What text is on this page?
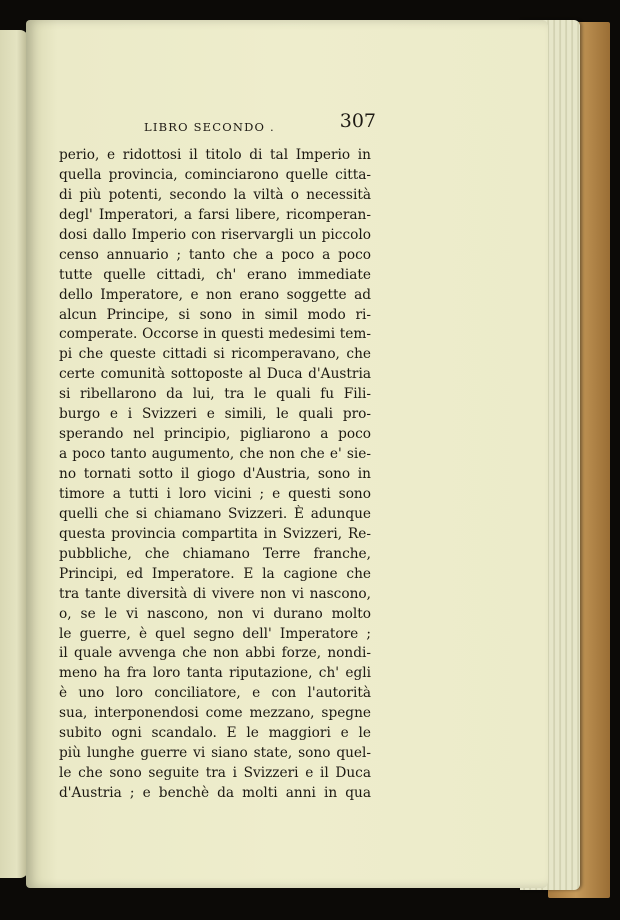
LIBRO SECONDO .	307
perio, e ridottosi il titolo di tal Imperio in
quella provincia, cominciarono quelle citta-
di più potenti, secondo la viltà o necessità
degl' Imperatori, a farsi libere, ricomperan-
dosi dallo Imperio con riservargli un piccolo
censo annuario ; tanto che a poco a poco
tutte quelle cittadi, ch' erano immediate
dello Imperatore, e non erano soggette ad
alcun Principe, si sono in simil modo ri-
comperate. Occorse in questi medesimi tem-
pi che queste cittadi si ricomperavano, che
certe comunità sottoposte al Duca d'Austria
si ribellarono da lui, tra le quali fu Fili-
burgo e i Svizzeri e simili, le quali pro-
sperando nel principio, pigliarono a poco
a poco tanto augumento, che non che e' sie-
no tornati sotto il giogo d'Austria, sono in
timore a tutti i loro vicini ; e questi sono
quelli che si chiamano Svizzeri. È adunque
questa provincia compartita in Svizzeri, Re-
pubbliche, che chiamano Terre franche,
Principi, ed Imperatore. E la cagione che
tra tante diversità di vivere non vi nascono,
o, se le vi nascono, non vi durano molto
le guerre, è quel segno dell' Imperatore ;
il quale avvenga che non abbi forze, nondi-
meno ha fra loro tanta riputazione, ch' egli
è uno loro conciliatore, e con l'autorità
sua, interponendosi come mezzano, spegne
subito ogni scandalo. E le maggiori e le
più lunghe guerre vi siano state, sono quel-
le che sono seguite tra i Svizzeri e il Duca
d'Austria ; e benchè da molti anni in qua
